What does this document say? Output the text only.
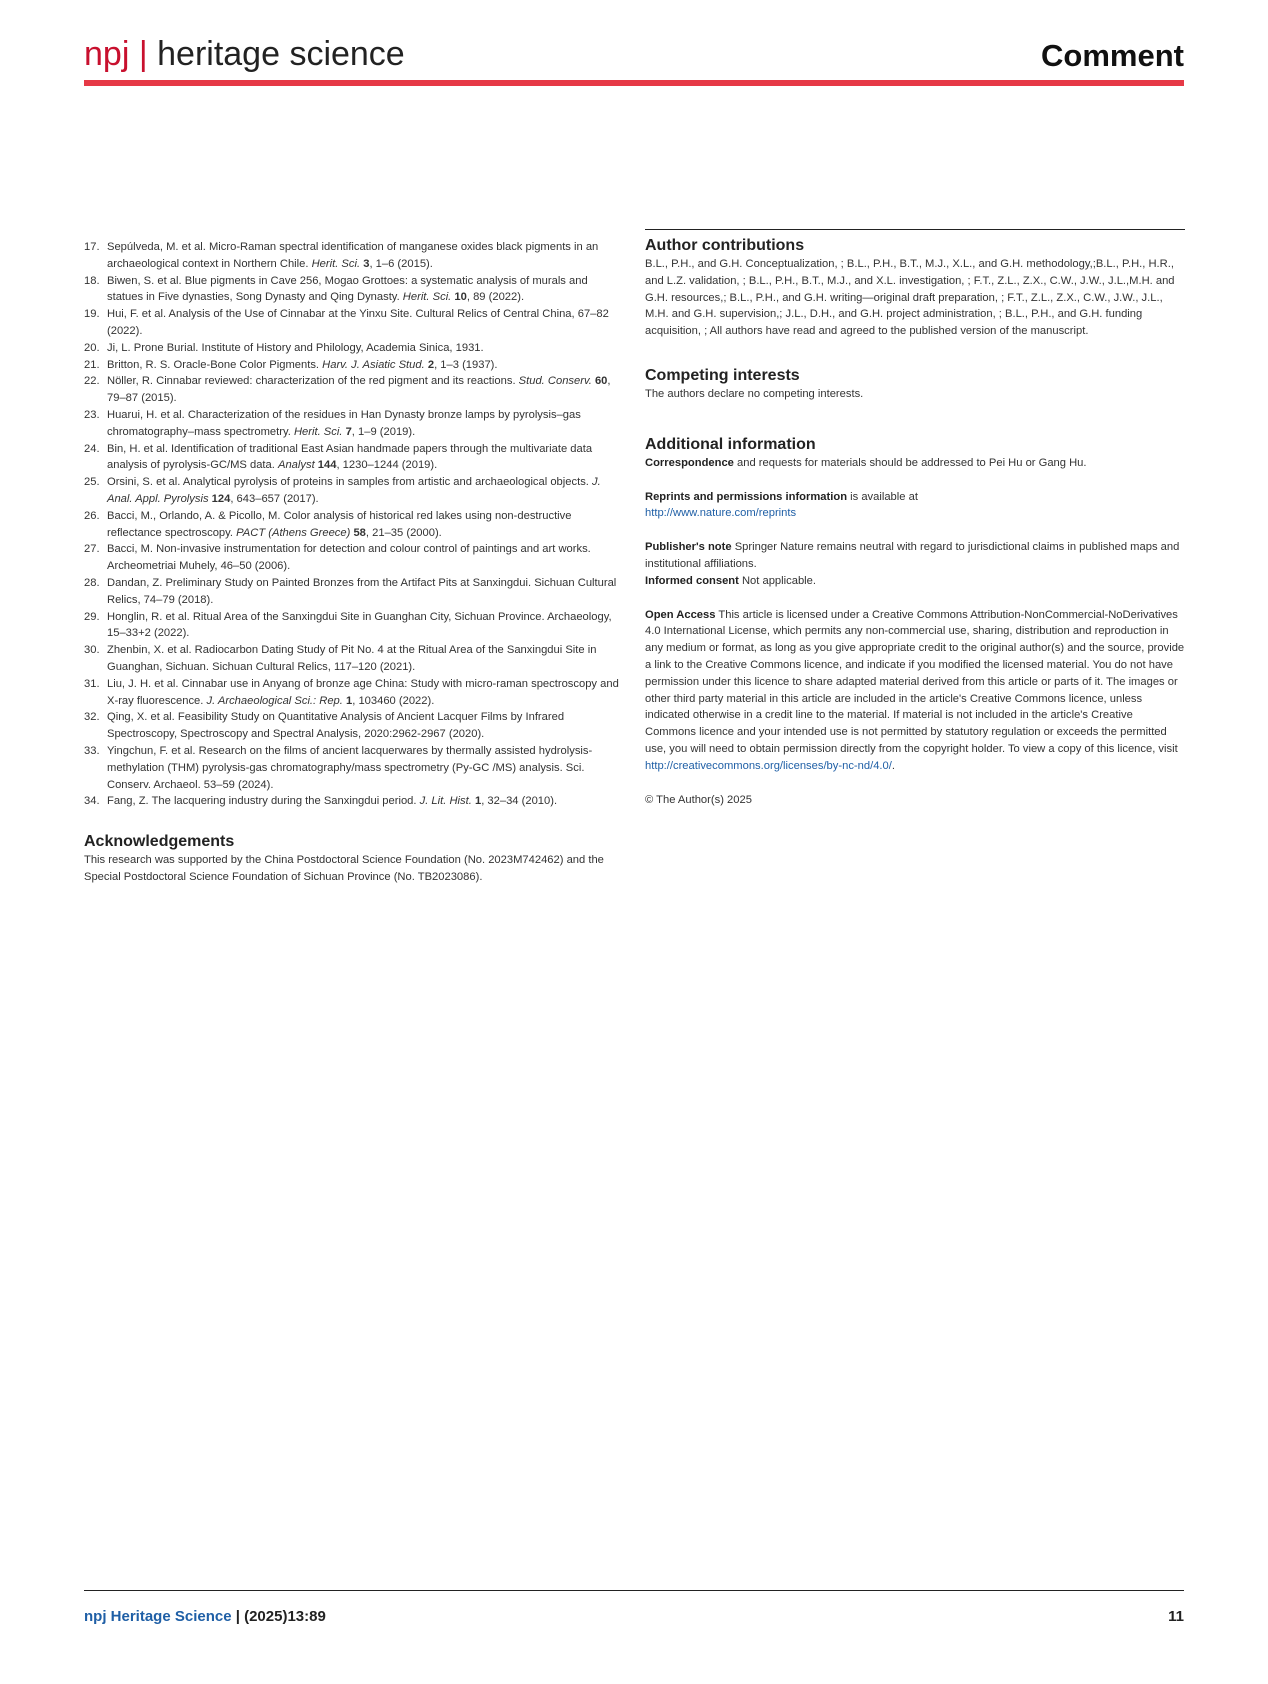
npj | heritage science	Comment
17. Sepúlveda, M. et al. Micro-Raman spectral identification of manganese oxides black pigments in an archaeological context in Northern Chile. Herit. Sci. 3, 1–6 (2015).
18. Biwen, S. et al. Blue pigments in Cave 256, Mogao Grottoes: a systematic analysis of murals and statues in Five dynasties, Song Dynasty and Qing Dynasty. Herit. Sci. 10, 89 (2022).
19. Hui, F. et al. Analysis of the Use of Cinnabar at the Yinxu Site. Cultural Relics of Central China, 67–82 (2022).
20. Ji, L. Prone Burial. Institute of History and Philology, Academia Sinica, 1931.
21. Britton, R. S. Oracle-Bone Color Pigments. Harv. J. Asiatic Stud. 2, 1–3 (1937).
22. Nöller, R. Cinnabar reviewed: characterization of the red pigment and its reactions. Stud. Conserv. 60, 79–87 (2015).
23. Huarui, H. et al. Characterization of the residues in Han Dynasty bronze lamps by pyrolysis–gas chromatography–mass spectrometry. Herit. Sci. 7, 1–9 (2019).
24. Bin, H. et al. Identification of traditional East Asian handmade papers through the multivariate data analysis of pyrolysis-GC/MS data. Analyst 144, 1230–1244 (2019).
25. Orsini, S. et al. Analytical pyrolysis of proteins in samples from artistic and archaeological objects. J. Anal. Appl. Pyrolysis 124, 643–657 (2017).
26. Bacci, M., Orlando, A. & Picollo, M. Color analysis of historical red lakes using non-destructive reflectance spectroscopy. PACT (Athens Greece) 58, 21–35 (2000).
27. Bacci, M. Non-invasive instrumentation for detection and colour control of paintings and art works. Archeometriai Muhely, 46–50 (2006).
28. Dandan, Z. Preliminary Study on Painted Bronzes from the Artifact Pits at Sanxingdui. Sichuan Cultural Relics, 74–79 (2018).
29. Honglin, R. et al. Ritual Area of the Sanxingdui Site in Guanghan City, Sichuan Province. Archaeology, 15–33+2 (2022).
30. Zhenbin, X. et al. Radiocarbon Dating Study of Pit No. 4 at the Ritual Area of the Sanxingdui Site in Guanghan, Sichuan. Sichuan Cultural Relics, 117–120 (2021).
31. Liu, J. H. et al. Cinnabar use in Anyang of bronze age China: Study with micro-raman spectroscopy and X-ray fluorescence. J. Archaeological Sci.: Rep. 1, 103460 (2022).
32. Qing, X. et al. Feasibility Study on Quantitative Analysis of Ancient Lacquer Films by Infrared Spectroscopy, Spectroscopy and Spectral Analysis, 2020:2962-2967 (2020).
33. Yingchun, F. et al. Research on the films of ancient lacquerwares by thermally assisted hydrolysis-methylation (THM) pyrolysis-gas chromatography/mass spectrometry (Py-GC /MS) analysis. Sci. Conserv. Archaeol. 53–59 (2024).
34. Fang, Z. The lacquering industry during the Sanxingdui period. J. Lit. Hist. 1, 32–34 (2010).
Acknowledgements

This research was supported by the China Postdoctoral Science Foundation (No. 2023M742462) and the Special Postdoctoral Science Foundation of Sichuan Province (No. TB2023086).

Author contributions

B.L., P.H., and G.H. Conceptualization, ; B.L., P.H., B.T., M.J., X.L., and G.H. methodology,;B.L., P.H., H.R., and L.Z. validation, ; B.L., P.H., B.T., M.J., and X.L. investigation, ; F.T., Z.L., Z.X., C.W., J.W., J.L.,M.H. and G.H. resources,; B.L., P.H., and G.H. writing—original draft preparation, ; F.T., Z.L., Z.X., C.W., J.W., J.L., M.H. and G.H. supervision,; J.L., D.H., and G.H. project administration, ; B.L., P.H., and G.H. funding acquisition, ; All authors have read and agreed to the published version of the manuscript.

Competing interests

The authors declare no competing interests.

Additional information

Correspondence and requests for materials should be addressed to Pei Hu or Gang Hu.

Reprints and permissions information is available at
http://www.nature.com/reprints

Publisher's note Springer Nature remains neutral with regard to jurisdictional claims in published maps and institutional affiliations.

Informed consent Not applicable.

Open Access This article is licensed under a Creative Commons Attribution-NonCommercial-NoDerivatives 4.0 International License, which permits any non-commercial use, sharing, distribution and reproduction in any medium or format, as long as you give appropriate credit to the original author(s) and the source, provide a link to the Creative Commons licence, and indicate if you modified the licensed material. You do not have permission under this licence to share adapted material derived from this article or parts of it. The images or other third party material in this article are included in the article's Creative Commons licence, unless indicated otherwise in a credit line to the material. If material is not included in the article's Creative Commons licence and your intended use is not permitted by statutory regulation or exceeds the permitted use, you will need to obtain permission directly from the copyright holder. To view a copy of this licence, visit http://creativecommons.org/licenses/by-nc-nd/4.0/.

© The Author(s) 2025

npj Heritage Science | (2025)13:89	11
